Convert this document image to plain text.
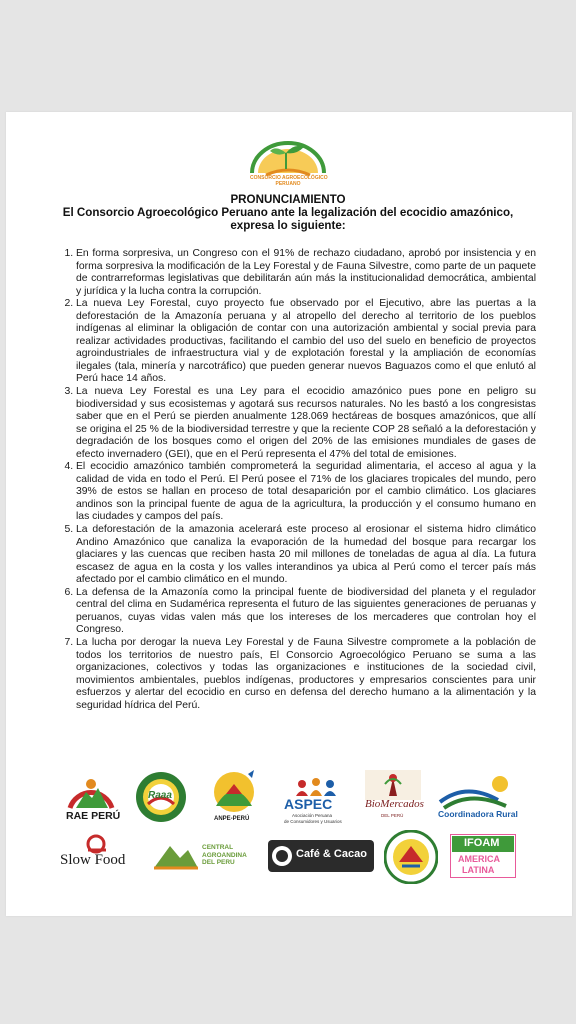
CONSORCIO AGROECOLÓGICO
PERUANO
PRONUNCIAMIENTO
El Consorcio Agroecológico Peruano ante la legalización del ecocidio amazónico,
expresa lo siguiente:
1. En forma sorpresiva, un Congreso con el 91% de rechazo ciudadano, aprobó por insistencia y en forma sorpresiva la modificación de la Ley Forestal y de Fauna Silvestre, como parte de un paquete de contrarreformas legislativas que debilitarán aún más la institucionalidad democrática, ambiental y jurídica y la lucha contra la corrupción.
2. La nueva Ley Forestal, cuyo proyecto fue observado por el Ejecutivo, abre las puertas a la deforestación de la Amazonía peruana y al atropello del derecho al territorio de los pueblos indígenas al eliminar la obligación de contar con una autorización ambiental y social previa para realizar actividades productivas, facilitando el cambio del uso del suelo en beneficio de proyectos agroindustriales de infraestructura vial y de explotación forestal y la ampliación de economías ilegales (tala, minería y narcotráfico) que pueden generar nuevos Baguazos como el que enlutó al Perú hace 14 años.
3. La nueva Ley Forestal es una Ley para el ecocidio amazónico pues pone en peligro su biodiversidad y sus ecosistemas y agotará sus recursos naturales. No les bastó a los congresistas saber que en el Perú se pierden anualmente 128.069 hectáreas de bosques amazónicos, que allí se origina el 25 % de la biodiversidad terrestre y que la reciente COP 28 señaló a la deforestación y degradación de los bosques como el origen del 20% de las emisiones mundiales de gases de efecto invernadero (GEI), que en el Perú representa el 47% del total de emisiones.
4. El ecocidio amazónico también comprometerá la seguridad alimentaria, el acceso al agua y la calidad de vida en todo el Perú. El Perú posee el 71% de los glaciares tropicales del mundo, pero 39% de estos se hallan en proceso de total desaparición por el cambio climático. Los glaciares andinos son la principal fuente de agua de la agricultura, la producción y el consumo humano en las ciudades y campos del país.
5. La deforestación de la amazonia acelerará este proceso al erosionar el sistema hidro climático Andino Amazónico que canaliza la evaporación de la humedad del bosque para recargar los glaciares y las cuencas que reciben hasta 20 mil millones de toneladas de agua al día. La futura escasez de agua en la costa y los valles interandinos ya ubica al Perú como el tercer país más afectado por el cambio climático en el mundo.
6. La defensa de la Amazonía como la principal fuente de biodiversidad del planeta y el regulador central del clima en Sudamérica representa el futuro de las siguientes generaciones de peruanas y peruanos, cuyas vidas valen más que los intereses de los mercaderes que controlan hoy el Congreso.
7. La lucha por derogar la nueva Ley Forestal y de Fauna Silvestre compromete a la población de todos los territorios de nuestro país, El Consorcio Agroecológico Peruano se suma a las organizaciones, colectivos y todas las organizaciones e instituciones de la sociedad civil, movimientos ambientales, pueblos indígenas, productores y empresarios conscientes para unir esfuerzos y alertar del ecocidio en curso en defensa del derecho humano a la alimentación y la seguridad hídrica del Perú.
RAE PERÚ
Raaa
ANPE-PERÚ
ASPEC
Asociación Peruana
de Consumidores y Usuarios
BioMercados
DEL PERÚ	Coordinadora Rural
Slow Food
CENTRAL
AGROANDINA
DEL PERU
Café & Cacao
IFOAM
AMERICA
LATINA
